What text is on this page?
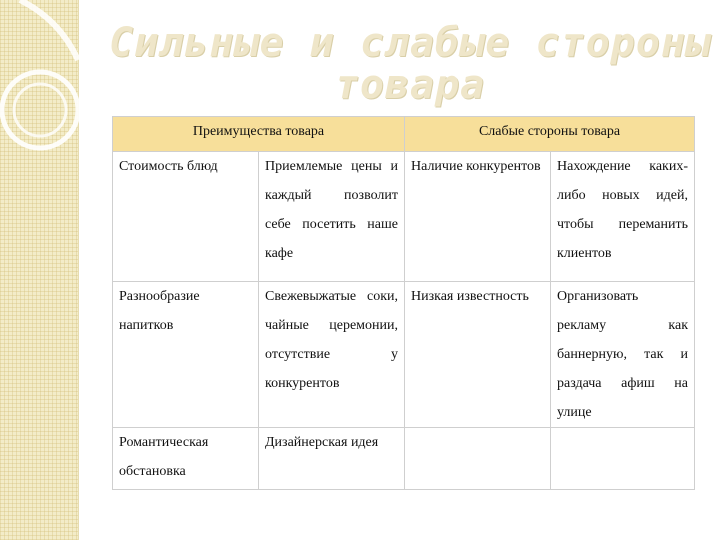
Сильные и слабые стороны товара
Преимущества товара		Слабые стороны товара	

Стоимость блюд	Приемлемые цены и каждый позволит себе посетить наше кафе	Наличие конкурентов	Нахождение каких-либо новых идей, чтобы переманить клиентов
Разнообразие напитков	Свежевыжатые соки, чайные церемонии, отсутствие у конкурентов	Низкая известность	Организовать рекламу как баннерную, так и раздача афиш на улице
Романтическая обстановка	Дизайнерская идея		
